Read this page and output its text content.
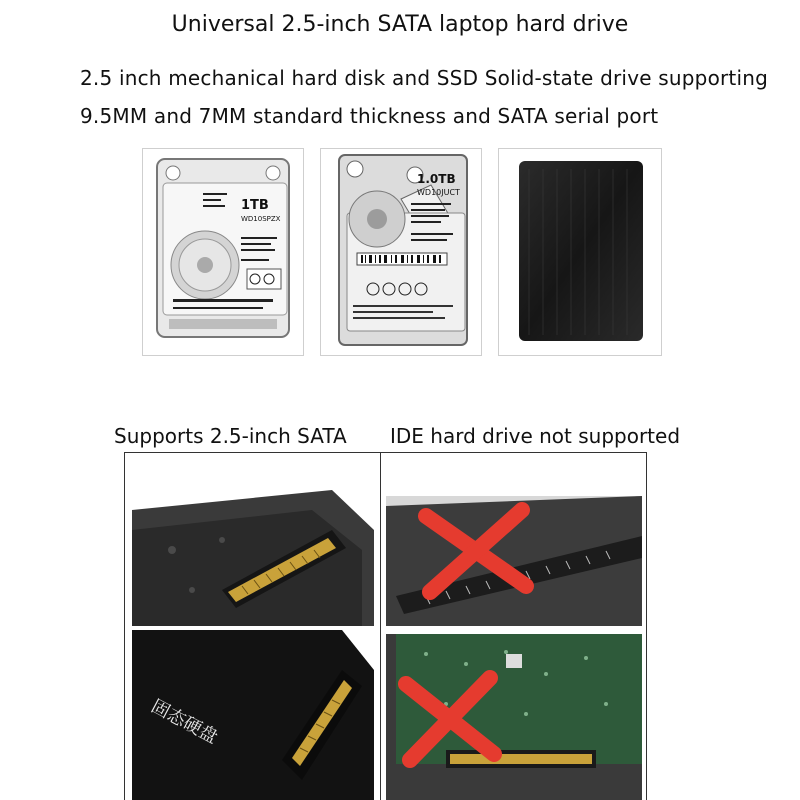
Universal 2.5-inch SATA laptop hard drive
2.5 inch mechanical hard disk and SSD Solid-state drive supporting
9.5MM and 7MM standard thickness and SATA serial port
1TB
WD10SPZX
1.0TB
WD10JUCT
Supports 2.5-inch SATA IDE hard drive not supported
固态硬盘
